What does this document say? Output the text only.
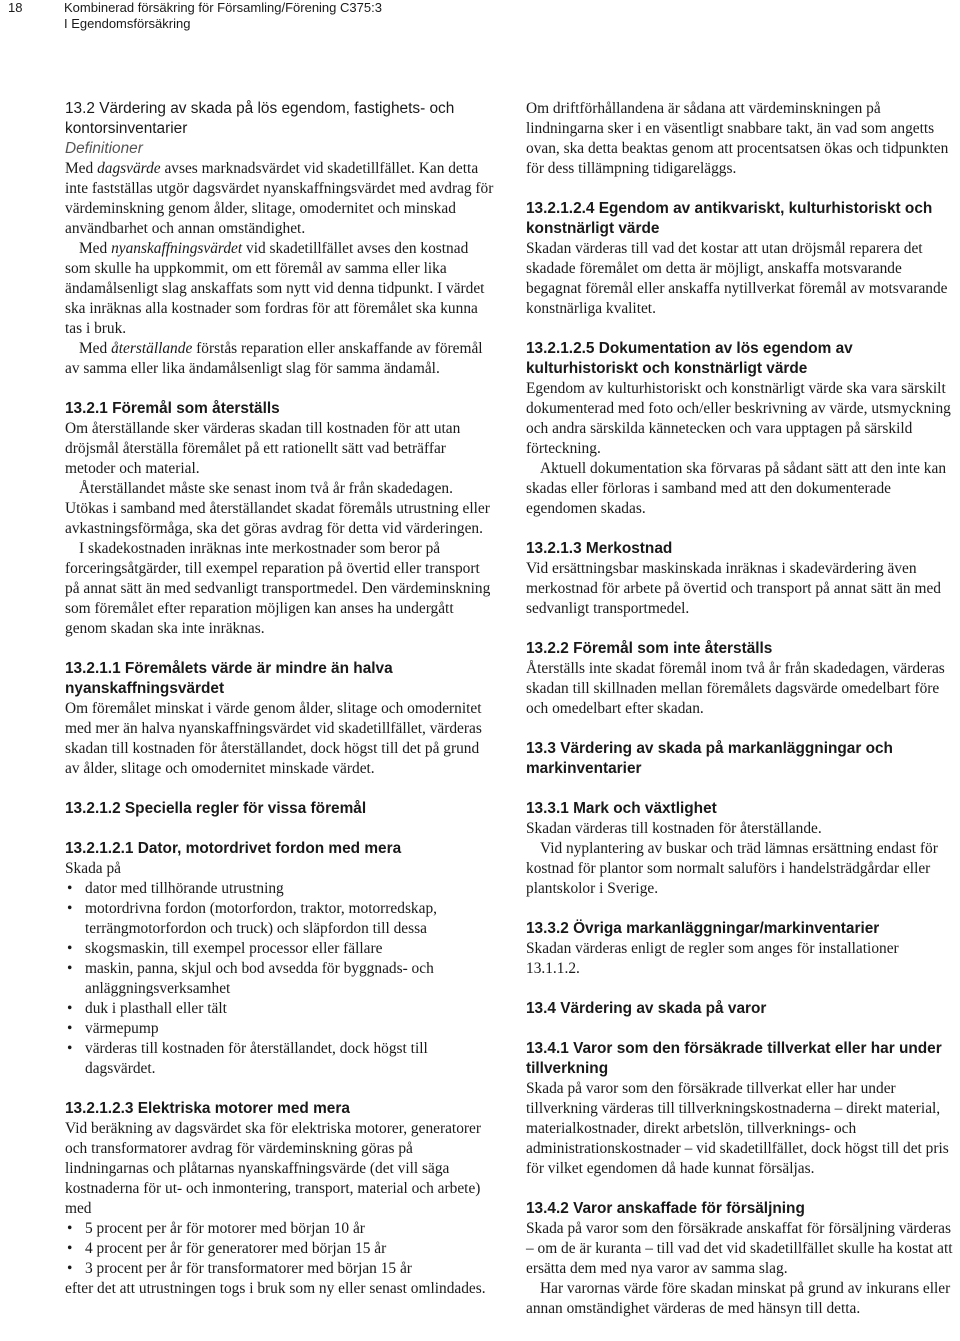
18	Kombinerad försäkring för Församling/Förening C375:3
I Egendomsförsäkring
13.2 Värdering av skada på lös egendom, fastighets- och kontorsinventarier
Definitioner

Med dagsvärde avses marknadsvärdet vid skadetillfället. Kan detta inte fastställas utgör dagsvärdet nyanskaffningsvärdet med avdrag för värdeminskning genom ålder, slitage, omodernitet och minskad användbarhet och annan omständighet.

Med nyanskaffningsvärdet vid skadetillfället avses den kostnad som skulle ha uppkommit, om ett föremål av samma eller lika ändamålsenligt slag anskaffats som nytt vid denna tidpunkt. I värdet ska inräknas alla kostnader som fordras för att föremålet ska kunna tas i bruk.

Med återställande förstås reparation eller anskaffande av föremål av samma eller lika ändamålsenligt slag för samma ändamål.

13.2.1 Föremål som återställs

Om återställande sker värderas skadan till kostnaden för att utan dröjsmål återställa föremålet på ett rationellt sätt vad beträffar metoder och material.

Återställandet måste ske senast inom två år från skadedagen.

Utökas i samband med återställandet skadat föremåls utrustning eller avkastningsförmåga, ska det göras avdrag för detta vid värderingen.

I skadekostnaden inräknas inte merkostnader som beror på forceringsåtgärder, till exempel reparation på övertid eller transport på annat sätt än med sedvanligt transportmedel. Den värdeminskning som föremålet efter reparation möjligen kan anses ha undergått genom skadan ska inte inräknas.

13.2.1.1 Föremålets värde är mindre än halva nyanskaffningsvärdet

Om föremålet minskat i värde genom ålder, slitage och omodernitet med mer än halva nyanskaffningsvärdet vid skadetillfället, värderas skadan till kostnaden för återställandet, dock högst till det på grund av ålder, slitage och omodernitet minskade värdet.

13.2.1.2 Speciella regler för vissa föremål
13.2.1.2.1 Dator, motordrivet fordon med mera

Skada på

• dator med tillhörande utrustning
• motordrivna fordon (motorfordon, traktor, motorredskap, terrängmotorfordon och truck) och släpfordon till dessa
• skogsmaskin, till exempel processor eller fällare
• maskin, panna, skjul och bod avsedda för byggnads- och anläggningsverksamhet
• duk i plasthall eller tält
• värmepump
• värderas till kostnaden för återställandet, dock högst till dagsvärdet.
13.2.1.2.3 Elektriska motorer med mera

Vid beräkning av dagsvärdet ska för elektriska motorer, generatorer och transformatorer avdrag för värdeminskning göras på lindningarnas och plåtarnas nyanskaffningsvärde (det vill säga kostnaderna för ut- och inmontering, transport, material och arbete) med

• 5 procent per år för motorer med början 10 år
• 4 procent per år för generatorer med början 15 år
• 3 procent per år för transformatorer med början 15 år

efter det att utrustningen togs i bruk som ny eller senast omlindades.

Om driftförhållandena är sådana att värdeminskningen på lindningarna sker i en väsentligt snabbare takt, än vad som angetts ovan, ska detta beaktas genom att procentsatsen ökas och tidpunkten för dess tillämpning tidigareläggs.

13.2.1.2.4 Egendom av antikvariskt, kulturhistoriskt och konstnärligt värde

Skadan värderas till vad det kostar att utan dröjsmål reparera det skadade föremålet om detta är möjligt, anskaffa motsvarande begagnat föremål eller anskaffa nytillverkat föremål av motsvarande konstnärliga kvalitet.

13.2.1.2.5 Dokumentation av lös egendom av kulturhistoriskt och konstnärligt värde

Egendom av kulturhistoriskt och konstnärligt värde ska vara särskilt dokumenterad med foto och/eller beskrivning av värde, utsmyckning och andra särskilda kännetecken och vara upptagen på särskild förteckning.

Aktuell dokumentation ska förvaras på sådant sätt att den inte kan skadas eller förloras i samband med att den dokumenterade egendomen skadas.

13.2.1.3 Merkostnad

Vid ersättningsbar maskinskada inräknas i skadevärdering även merkostnad för arbete på övertid och transport på annat sätt än med sedvanligt transportmedel.

13.2.2 Föremål som inte återställs

Återställs inte skadat föremål inom två år från skadedagen, värderas skadan till skillnaden mellan föremålets dagsvärde omedelbart före och omedelbart efter skadan.

13.3 Värdering av skada på markanläggningar och markinventarier
13.3.1 Mark och växtlighet

Skadan värderas till kostnaden för återställande.

Vid nyplantering av buskar och träd lämnas ersättning endast för kostnad för plantor som normalt saluförs i handelsträdgårdar eller plantskolor i Sverige.

13.3.2 Övriga markanläggningar/markinventarier

Skadan värderas enligt de regler som anges för installationer 13.1.1.2.

13.4 Värdering av skada på varor
13.4.1 Varor som den försäkrade tillverkat eller har under tillverkning

Skada på varor som den försäkrade tillverkat eller har under tillverkning värderas till tillverkningskostnaderna – direkt material, materialkostnader, direkt arbetslön, tillverknings- och administrationskostnader – vid skadetillfället, dock högst till det pris för vilket egendomen då hade kunnat försäljas.

13.4.2 Varor anskaffade för försäljning

Skada på varor som den försäkrade anskaffat för försäljning värderas – om de är kuranta – till vad det vid skadetillfället skulle ha kostat att ersätta dem med nya varor av samma slag.

Har varornas värde före skadan minskat på grund av inkurans eller annan omständighet värderas de med hänsyn till detta.
